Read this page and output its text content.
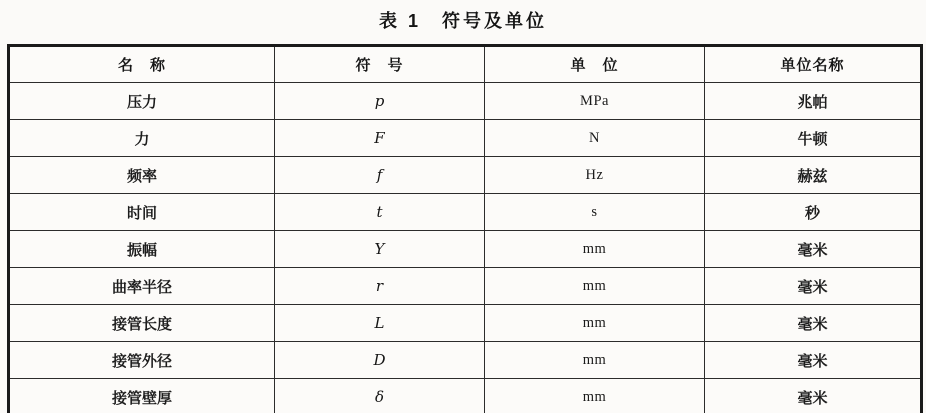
表 1　符号及单位
名　称	符　号	单　位	单位名称
压力	p	MPa	兆帕
力	F	N	牛顿
频率	f	Hz	赫兹
时间	t	s	秒
振幅	Y	mm	毫米
曲率半径	r	mm	毫米
接管长度	L	mm	毫米
接管外径	D	mm	毫米
接管壁厚	δ	mm	毫米
